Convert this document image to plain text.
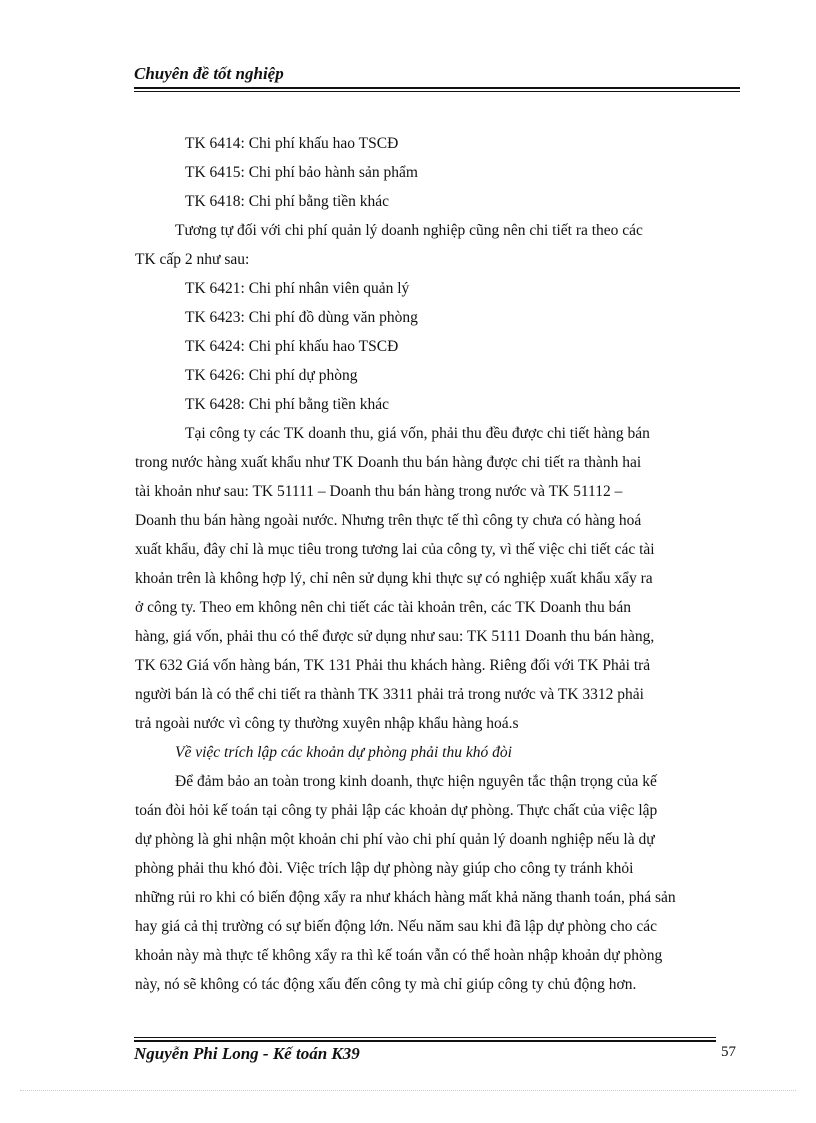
Chuyên đề tốt nghiệp
TK 6414: Chi phí khấu hao TSCĐ
TK 6415: Chi phí bảo hành sản phẩm
TK 6418: Chi phí bằng tiền khác
Tương tự đối với chi phí quản lý doanh nghiệp cũng nên chi tiết ra theo các
TK cấp 2 như sau:
TK 6421: Chi phí nhân viên quản lý
TK 6423: Chi phí đồ dùng văn phòng
TK 6424: Chi phí khấu hao TSCĐ
TK 6426: Chi phí dự phòng
TK 6428: Chi phí bằng tiền khác
Tại công ty các TK doanh thu, giá vốn, phải thu đều được chi tiết hàng bán
trong nước hàng xuất khẩu như TK Doanh thu bán hàng được chi tiết ra thành hai
tài khoản như sau: TK 51111 – Doanh thu bán hàng trong nước và TK 51112 –
Doanh thu bán hàng ngoài nước. Nhưng trên thực tế thì công ty chưa có hàng hoá
xuất khẩu, đây chỉ là mục tiêu trong tương lai của công ty, vì thế việc chi tiết các tài
khoản trên là không hợp lý, chỉ nên sử dụng khi thực sự có nghiệp xuất khẩu xẩy ra
ở công ty. Theo em không nên chi tiết các tài khoản trên, các TK Doanh thu bán
hàng, giá vốn, phải thu có thể được sử dụng như sau: TK 5111 Doanh thu bán hàng,
TK 632 Giá vốn hàng bán, TK 131 Phải thu khách hàng. Riêng đối với TK Phải trả
người bán là có thể chi tiết ra thành TK 3311 phải trả trong nước và TK 3312 phải
trả ngoài nước vì công ty thường xuyên nhập khẩu hàng hoá.s
Về việc trích lập các khoản dự phòng phải thu khó đòi
Để đảm bảo an toàn trong kinh doanh, thực hiện nguyên tắc thận trọng của kế
toán đòi hỏi kế toán tại công ty phải lập các khoản dự phòng. Thực chất của việc lập
dự phòng là ghi nhận một khoản chi phí vào chi phí quản lý doanh nghiệp nếu là dự
phòng phải thu khó đòi. Việc trích lập dự phòng này giúp cho công ty tránh khỏi
những rủi ro khi có biến động xẩy ra như khách hàng mất khả năng thanh toán, phá sản
hay giá cả thị trường có sự biến động lớn. Nếu năm sau khi đã lập dự phòng cho các
khoản này mà thực tế không xẩy ra thì kế toán vẫn có thể hoàn nhập khoản dự phòng
này, nó sẽ không có tác động xấu đến công ty mà chỉ giúp công ty chủ động hơn.
Nguyễn Phi Long - Kế toán K39	57
